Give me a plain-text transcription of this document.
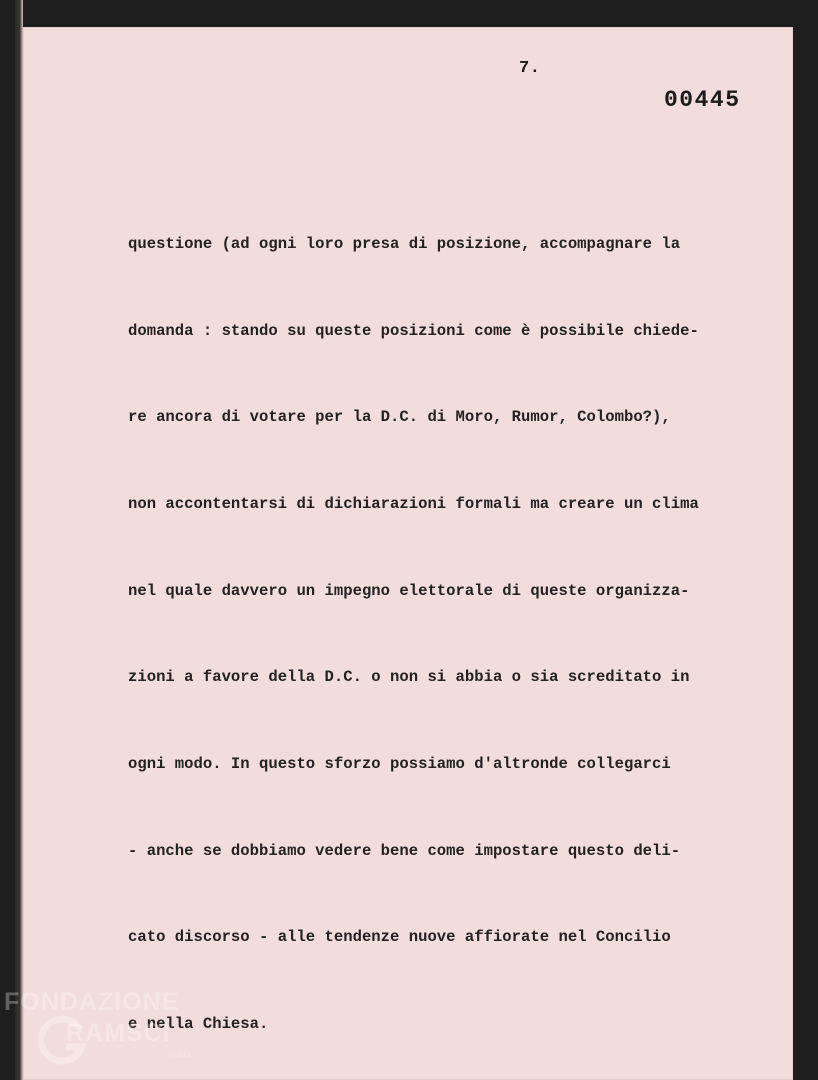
7.
00445

questione (ad ogni loro presa di posizione, accompagnare la

domanda : stando su queste posizioni come è possibile chiede-

re ancora di votare per la D.C. di Moro, Rumor, Colombo?),

non accontentarsi di dichiarazioni formali ma creare un clima

nel quale davvero un impegno elettorale di queste organizza-

zioni a favore della D.C. o non si abbia o sia screditato in

ogni modo. In questo sforzo possiamo d'altronde collegarci

- anche se dobbiamo vedere bene come impostare questo deli-

cato discorso - alle tendenze nuove affiorate nel Concilio

e nella Chiesa.

FONDAZIONE
RAMSCI
onlus
